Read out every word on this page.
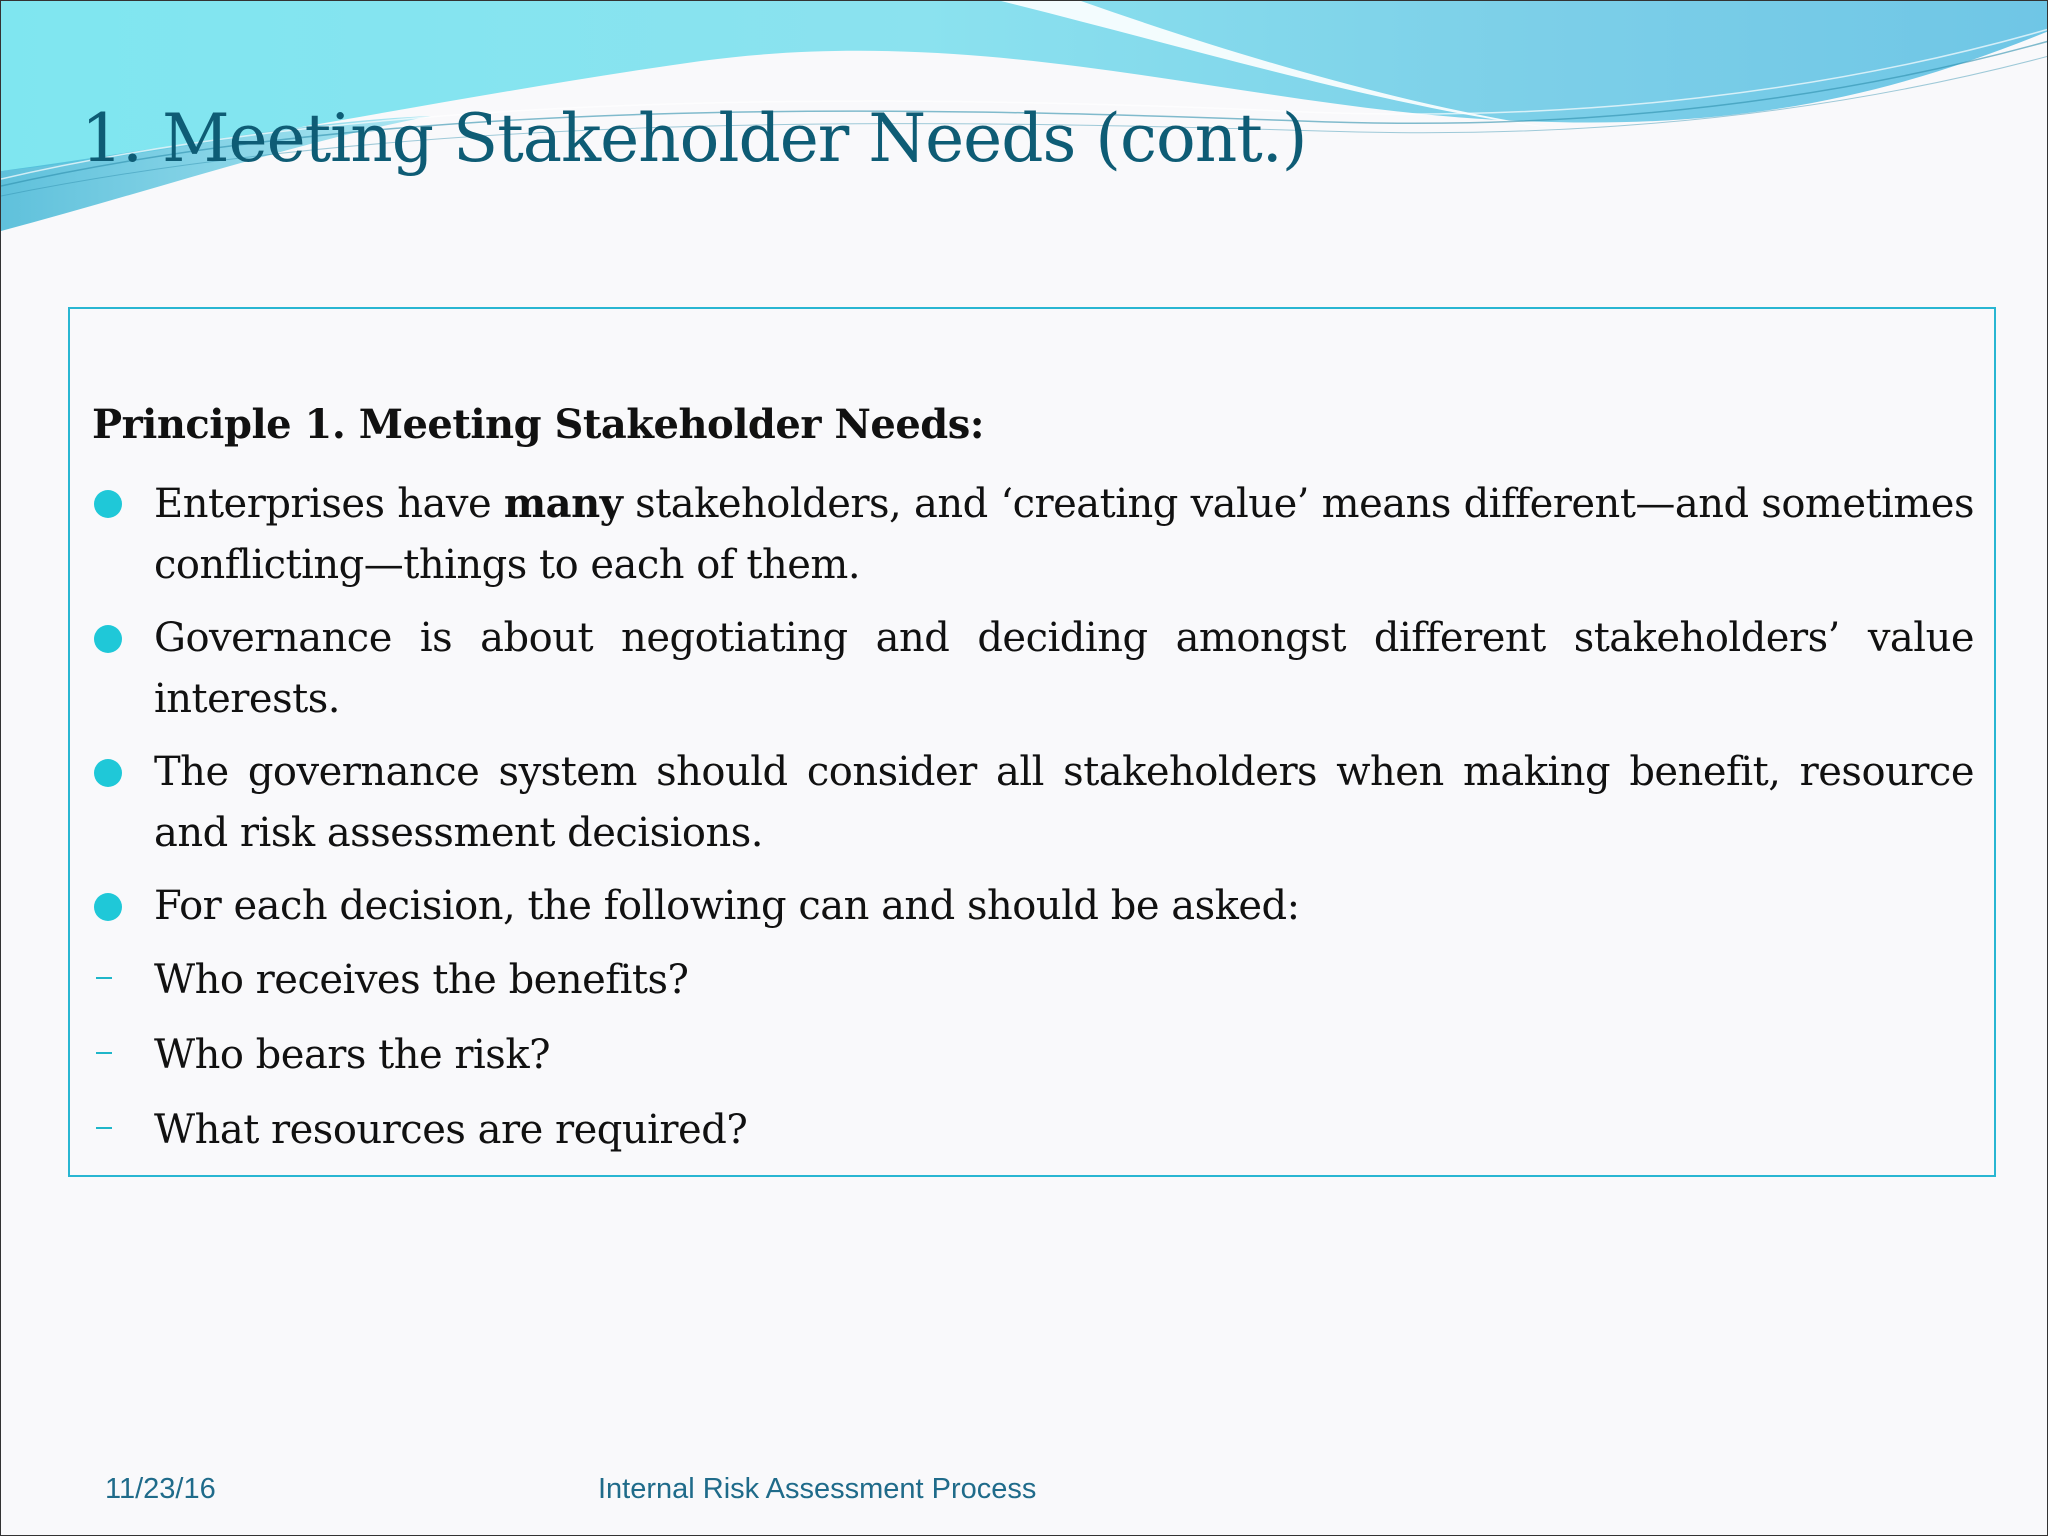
1. Meeting Stakeholder Needs (cont.)

Principle 1. Meeting Stakeholder Needs:

Enterprises have many stakeholders, and ‘creating value’ means different—and sometimes conflicting—things to each of them.
Governance is about negotiating and deciding amongst different stakeholders’ value interests.
The governance system should consider all stakeholders when making benefit, resource and risk assessment decisions.
For each decision, the following can and should be asked:
Who receives the benefits?
Who bears the risk?
What resources are required?
11/23/16	Internal Risk Assessment Process
